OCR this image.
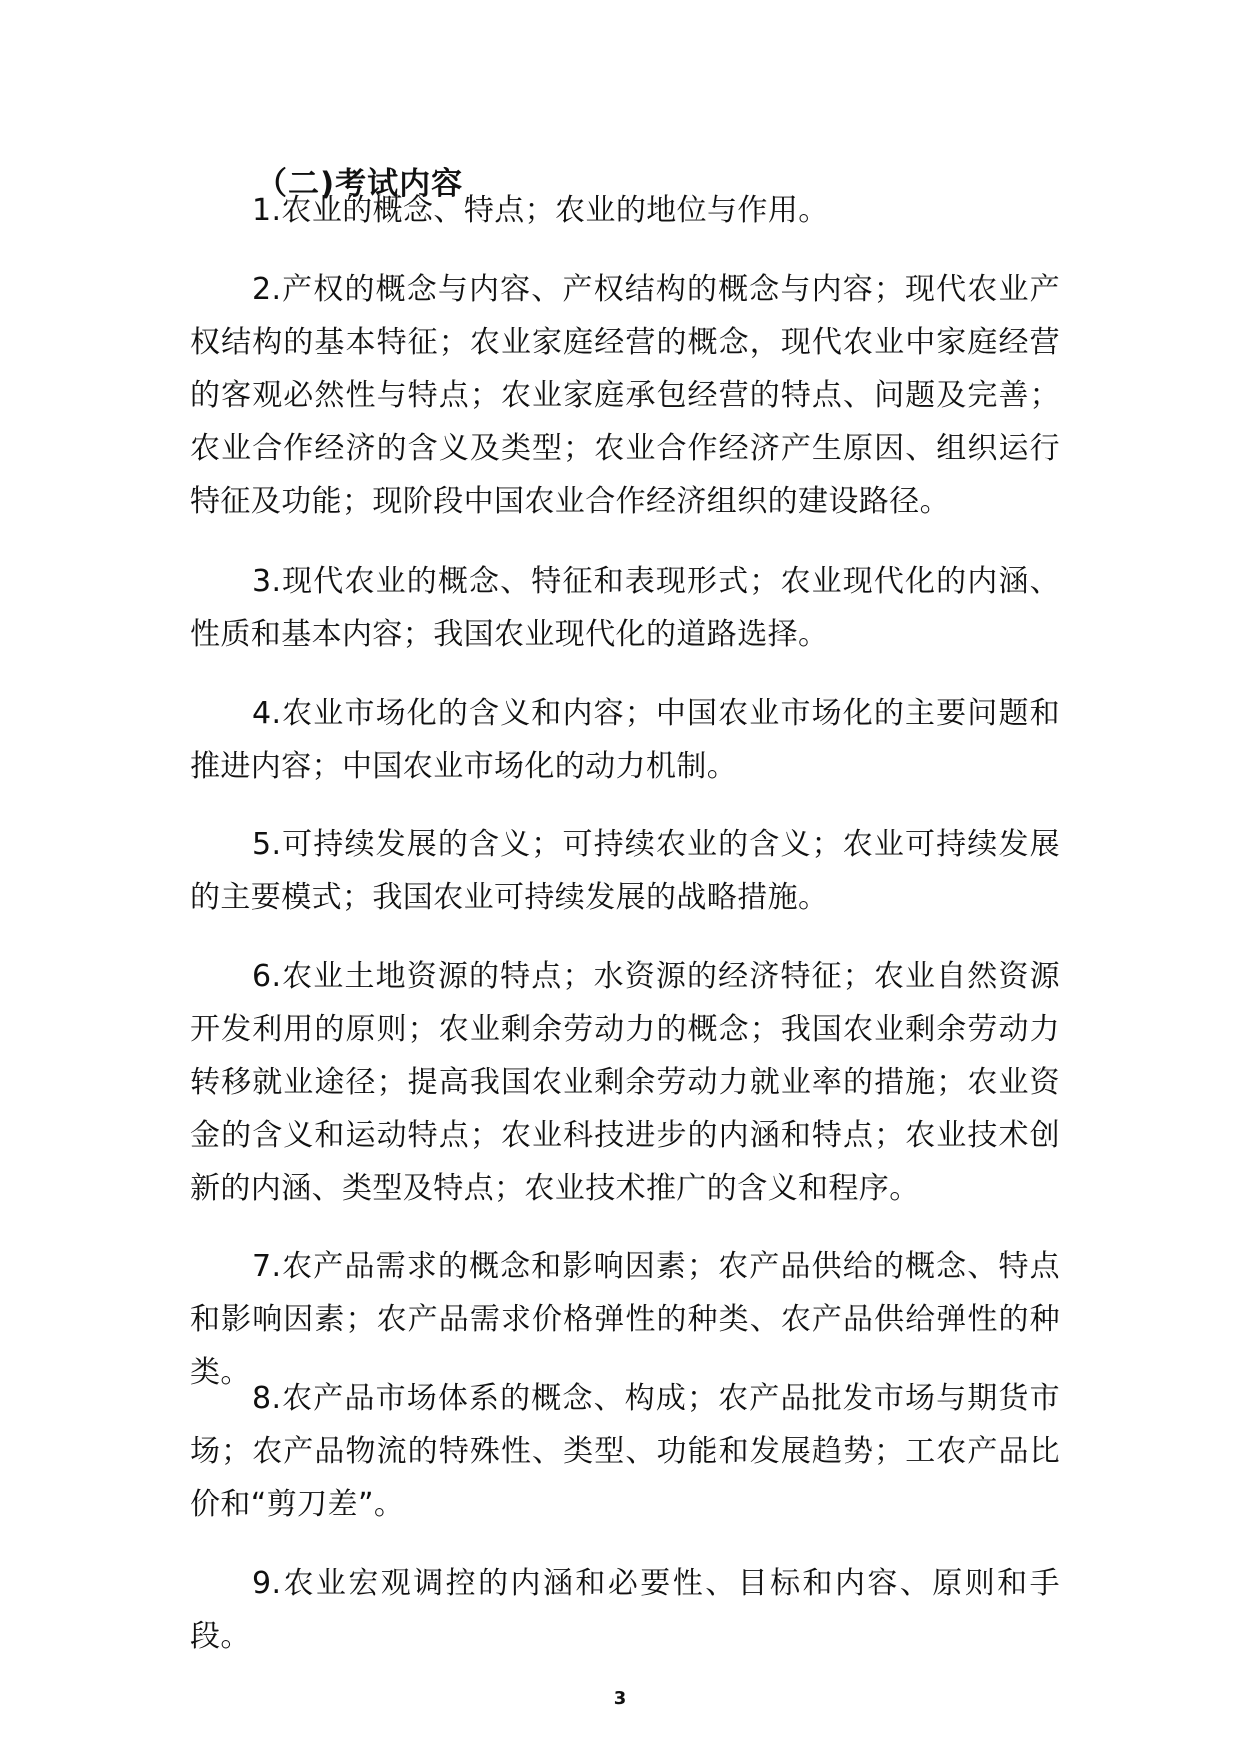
（二)考试内容

1.农业的概念、特点；农业的地位与作用。

2.产权的概念与内容、产权结构的概念与内容；现代农业产权结构的基本特征；农业家庭经营的概念，现代农业中家庭经营的客观必然性与特点；农业家庭承包经营的特点、问题及完善；农业合作经济的含义及类型；农业合作经济产生原因、组织运行特征及功能；现阶段中国农业合作经济组织的建设路径。

3.现代农业的概念、特征和表现形式；农业现代化的内涵、性质和基本内容；我国农业现代化的道路选择。

4.农业市场化的含义和内容；中国农业市场化的主要问题和推进内容；中国农业市场化的动力机制。

5.可持续发展的含义；可持续农业的含义；农业可持续发展的主要模式；我国农业可持续发展的战略措施。

6.农业土地资源的特点；水资源的经济特征；农业自然资源开发利用的原则；农业剩余劳动力的概念；我国农业剩余劳动力转移就业途径；提高我国农业剩余劳动力就业率的措施；农业资金的含义和运动特点；农业科技进步的内涵和特点；农业技术创新的内涵、类型及特点；农业技术推广的含义和程序。

7.农产品需求的概念和影响因素；农产品供给的概念、特点和影响因素；农产品需求价格弹性的种类、农产品供给弹性的种类。

8.农产品市场体系的概念、构成；农产品批发市场与期货市场；农产品物流的特殊性、类型、功能和发展趋势；工农产品比价和“剪刀差”。

9.农业宏观调控的内涵和必要性、目标和内容、原则和手段。

3
